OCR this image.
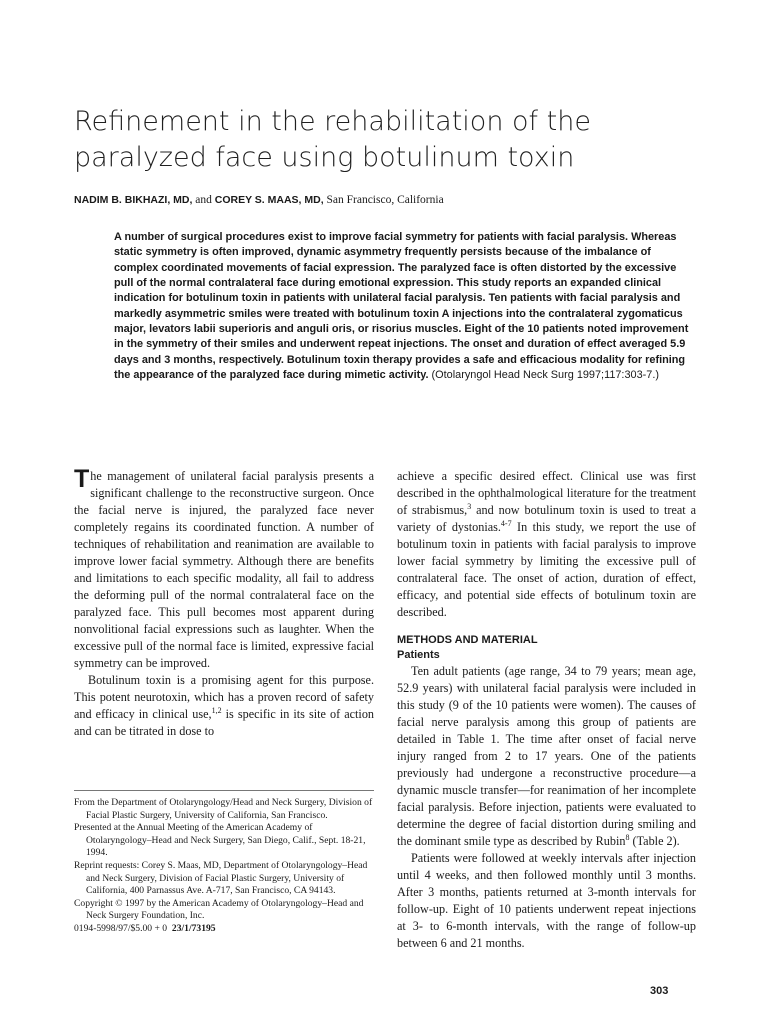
Refinement in the rehabilitation of the
paralyzed face using botulinum toxin
NADIM B. BIKHAZI, MD, and COREY S. MAAS, MD, San Francisco, California
A number of surgical procedures exist to improve facial symmetry for patients with facial paralysis. Whereas static symmetry is often improved, dynamic asymmetry frequently persists because of the imbalance of complex coordinated movements of facial expression. The paralyzed face is often distorted by the excessive pull of the normal contralateral face during emotional expression. This study reports an expanded clinical indication for botulinum toxin in patients with unilateral facial paralysis. Ten patients with facial paralysis and markedly asymmetric smiles were treated with botulinum toxin A injections into the contralateral zygomaticus major, levators labii superioris and anguli oris, or risorius muscles. Eight of the 10 patients noted improvement in the symmetry of their smiles and underwent repeat injections. The onset and duration of effect averaged 5.9 days and 3 months, respectively. Botulinum toxin therapy provides a safe and efficacious modality for refining the appearance of the paralyzed face during mimetic activity. (Otolaryngol Head Neck Surg 1997;117:303-7.)

The management of unilateral facial paralysis presents a significant challenge to the reconstructive surgeon. Once the facial nerve is injured, the paralyzed face never completely regains its coordinated function. A number of techniques of rehabilitation and reanimation are available to improve lower facial symmetry. Although there are benefits and limitations to each specific modality, all fail to address the deforming pull of the normal contralateral face on the paralyzed face. This pull becomes most apparent during nonvolitional facial expressions such as laughter. When the excessive pull of the normal face is limited, expressive facial symmetry can be improved.

Botulinum toxin is a promising agent for this purpose. This potent neurotoxin, which has a proven record of safety and efficacy in clinical use,$^{1,2}$ is specific in its site of action and can be titrated in dose to

achieve a specific desired effect. Clinical use was first described in the ophthalmological literature for the treatment of strabismus,$^3$ and now botulinum toxin is used to treat a variety of dystonias.$^{4-7}$ In this study, we report the use of botulinum toxin in patients with facial paralysis to improve lower facial symmetry by limiting the excessive pull of contralateral face. The onset of action, duration of effect, efficacy, and potential side effects of botulinum toxin are described.

METHODS AND MATERIAL

Patients

Ten adult patients (age range, 34 to 79 years; mean age, 52.9 years) with unilateral facial paralysis were included in this study (9 of the 10 patients were women). The causes of facial nerve paralysis among this group of patients are detailed in Table 1. The time after onset of facial nerve injury ranged from 2 to 17 years. One of the patients previously had undergone a reconstructive procedure—a dynamic muscle transfer—for reanimation of her incomplete facial paralysis. Before injection, patients were evaluated to determine the degree of facial distortion during smiling and the dominant smile type as described by Rubin$^8$ (Table 2).

Patients were followed at weekly intervals after injection until 4 weeks, and then followed monthly until 3 months. After 3 months, patients returned at 3-month intervals for follow-up. Eight of 10 patients underwent repeat injections at 3- to 6-month intervals, with the range of follow-up between 6 and 21 months.

From the Department of Otolaryngology/Head and Neck Surgery, Division of Facial Plastic Surgery, University of California, San Francisco.

Presented at the Annual Meeting of the American Academy of Otolaryngology–Head and Neck Surgery, San Diego, Calif., Sept. 18-21, 1994.

Reprint requests: Corey S. Maas, MD, Department of Otolaryngology–Head and Neck Surgery, Division of Facial Plastic Surgery, University of California, 400 Parnassus Ave. A-717, San Francisco, CA 94143.

Copyright © 1997 by the American Academy of Otolaryngology–Head and Neck Surgery Foundation, Inc.

0194-5998/97/$5.00 + 0 23/1/73195

303
